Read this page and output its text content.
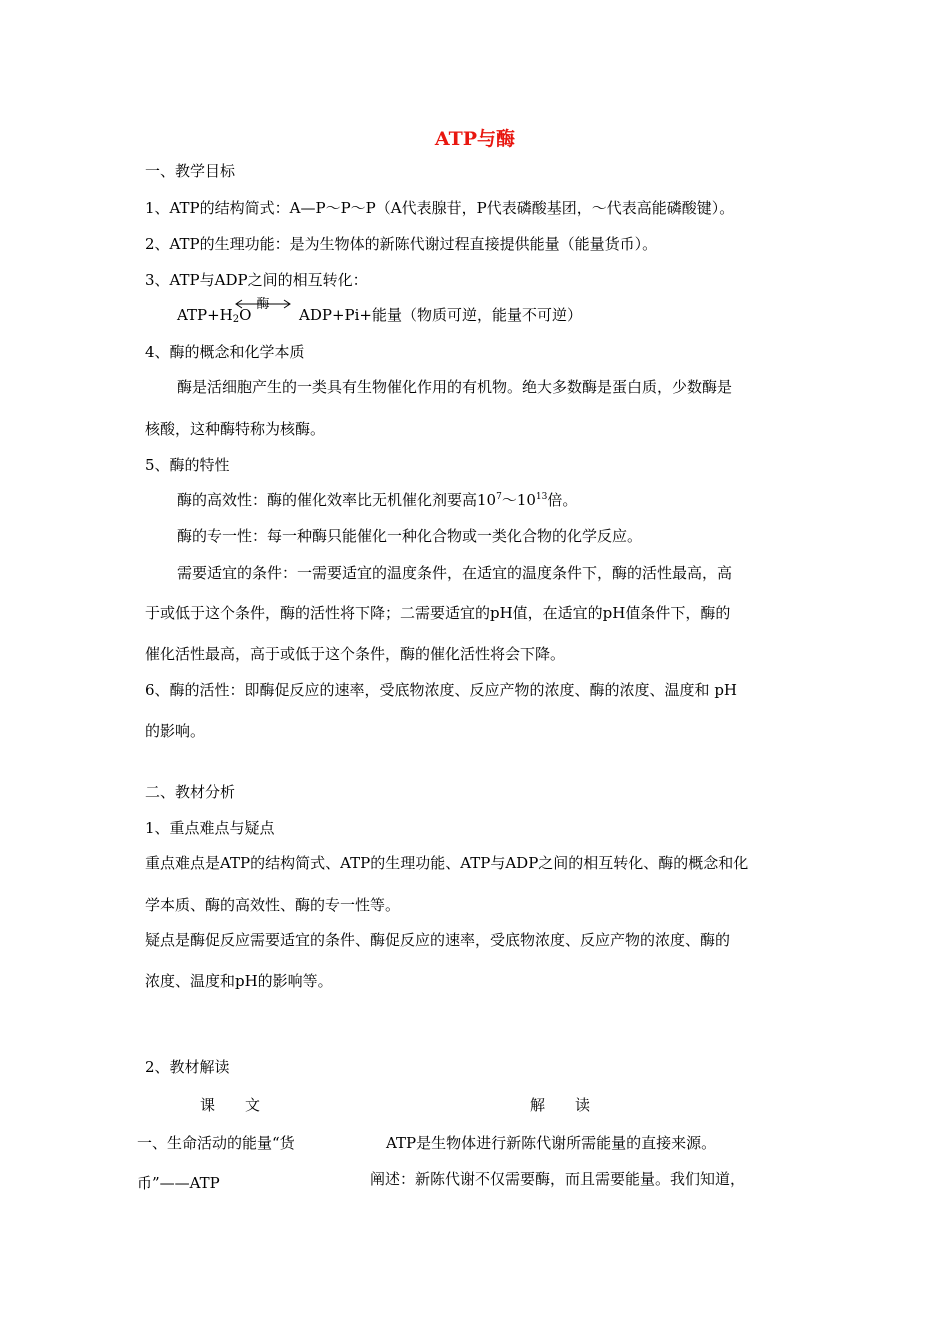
ATP与酶
一、教学目标
1、ATP的结构简式：A—P～P～P（A代表腺苷，P代表磷酸基团，～代表高能磷酸键）。
2、ATP的生理功能：是为生物体的新陈代谢过程直接提供能量（能量货币）。
3、ATP与ADP之间的相互转化：
$ATP+H_2O$
酶
ADP+Pi+能量（物质可逆，能量不可逆）
4、酶的概念和化学本质
酶是活细胞产生的一类具有生物催化作用的有机物。绝大多数酶是蛋白质，少数酶是
核酸，这种酶特称为核酶。
5、酶的特性
酶的高效性：酶的催化效率比无机催化剂要高$10^7\sim 10^{13}$倍。
酶的专一性：每一种酶只能催化一种化合物或一类化合物的化学反应。
需要适宜的条件：一需要适宜的温度条件，在适宜的温度条件下，酶的活性最高，高
于或低于这个条件，酶的活性将下降；二需要适宜的pH值，在适宜的pH值条件下，酶的
催化活性最高，高于或低于这个条件，酶的催化活性将会下降。
6、酶的活性：即酶促反应的速率，受底物浓度、反应产物的浓度、酶的浓度、温度和 pH
的影响。
二、教材分析
1、重点难点与疑点
重点难点是ATP的结构简式、ATP的生理功能、ATP与ADP之间的相互转化、酶的概念和化
学本质、酶的高效性、酶的专一性等。
疑点是酶促反应需要适宜的条件、酶促反应的速率，受底物浓度、反应产物的浓度、酶的
浓度、温度和pH的影响等。
2、教材解读
课　　文	解　　读
一、生命活动的能量“货
币”——ATP
ATP是生物体进行新陈代谢所需能量的直接来源。
阐述：新陈代谢不仅需要酶，而且需要能量。我们知道，
